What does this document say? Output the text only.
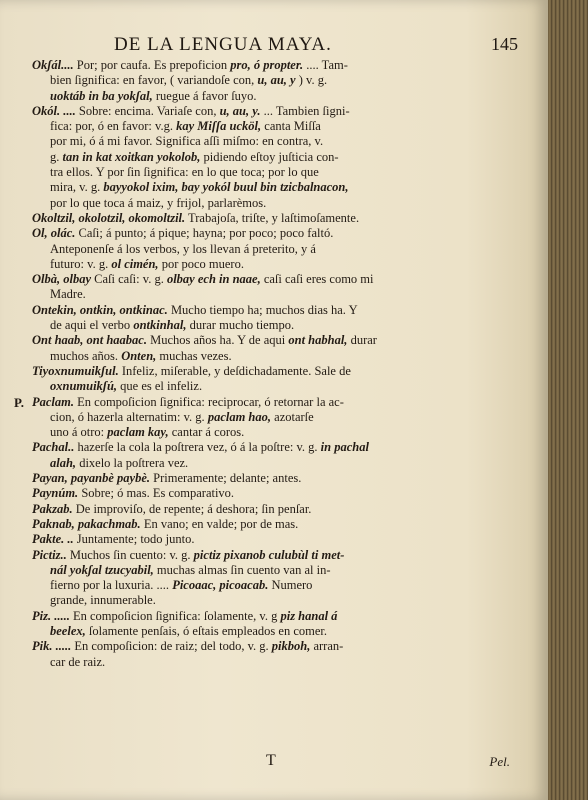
DE LA LENGUA MAYA.	145
Okʃál.... Por; por caufa. Es prepoficion pro, ó propter. .... Tam-
bien ſignifica: en favor, ( variandoſe con, u, au, y ) v. g.
uoktáb in ba yokʃal, ruegue á favor ſuyo.
Okól. .... Sobre: encima. Variaſe con, u, au, y. ... Tambien ſigni-
fica: por, ó en favor: v.g. kay Miſſa ucköl, canta Miſſa
por mi, ó á mi favor. Significa aſſi miſmo: en contra, v.
g. tan in kat xoitkan yokolob, pidiendo eſtoy juſticia con-
tra ellos. Y por ſin ſignifica: en lo que toca; por lo que
mira, v. g. bayyokol ixim, bay yokól buul bin tzicbalnacon,
por lo que toca á maiz, y frijol, parlarèmos.
Okoltzil, okolotzil, okomoltzil. Trabajoſa, triſte, y laſtimoſamente.
Ol, olác. Caſi; á punto; á pique; hayna; por poco; poco faltó.
Anteponenſe á los verbos, y los llevan á preterito, y á
futuro: v. g. ol cimén, por poco muero.
Olbà, olbay Caſi caſi: v. g. olbay ech in naae, caſi caſi eres como mi
Madre.
Ontekin, ontkin, ontkinac. Mucho tiempo ha; muchos dias ha. Y
de aqui el verbo ontkinhal, durar mucho tiempo.
Ont haab, ont haabac. Muchos años ha. Y de aqui ont habhal, durar
muchos años. Onten, muchas vezes.
Tiyoxnumuikʃul. Infeliz, miſerable, y deſdichadamente. Sale de
oxnumuikʃú, que es el infeliz.
P. Paclam. En compoſicion ſignifica: reciprocar, ó retornar la ac-
cion, ó hazerla alternatim: v. g. paclam hao, azotarſe
uno á otro: paclam kay, cantar á coros.
Pachal.. hazerſe la cola la poſtrera vez, ó á la poſtre: v. g. in pachal
alah, dixelo la poſtrera vez.
Payan, payanbè paybè. Primeramente; delante; antes.
Paynúm. Sobre; ó mas. Es comparativo.
Pakzab. De improviſo, de repente; á deshora; ſin penſar.
Paknab, pakachmab. En vano; en valde; por de mas.
Pakte. .. Juntamente; todo junto.
Pictiz.. Muchos ſin cuento: v. g. pictiz pixanob culubùl ti met-
nál yokʃal tzucyabil, muchas almas ſin cuento van al in-
fierno por la luxuria. .... Picoaac, picoacab. Numero
grande, innumerable.
Piz. ..... En compoſicion ſignifica: ſolamente, v. g piz hanal á
beelex, ſolamente penſais, ó eſtais empleados en comer.
Pik. ..... En compoſicion: de raiz; del todo, v. g. pikboh, arran-
car de raiz.
T	Pel.
